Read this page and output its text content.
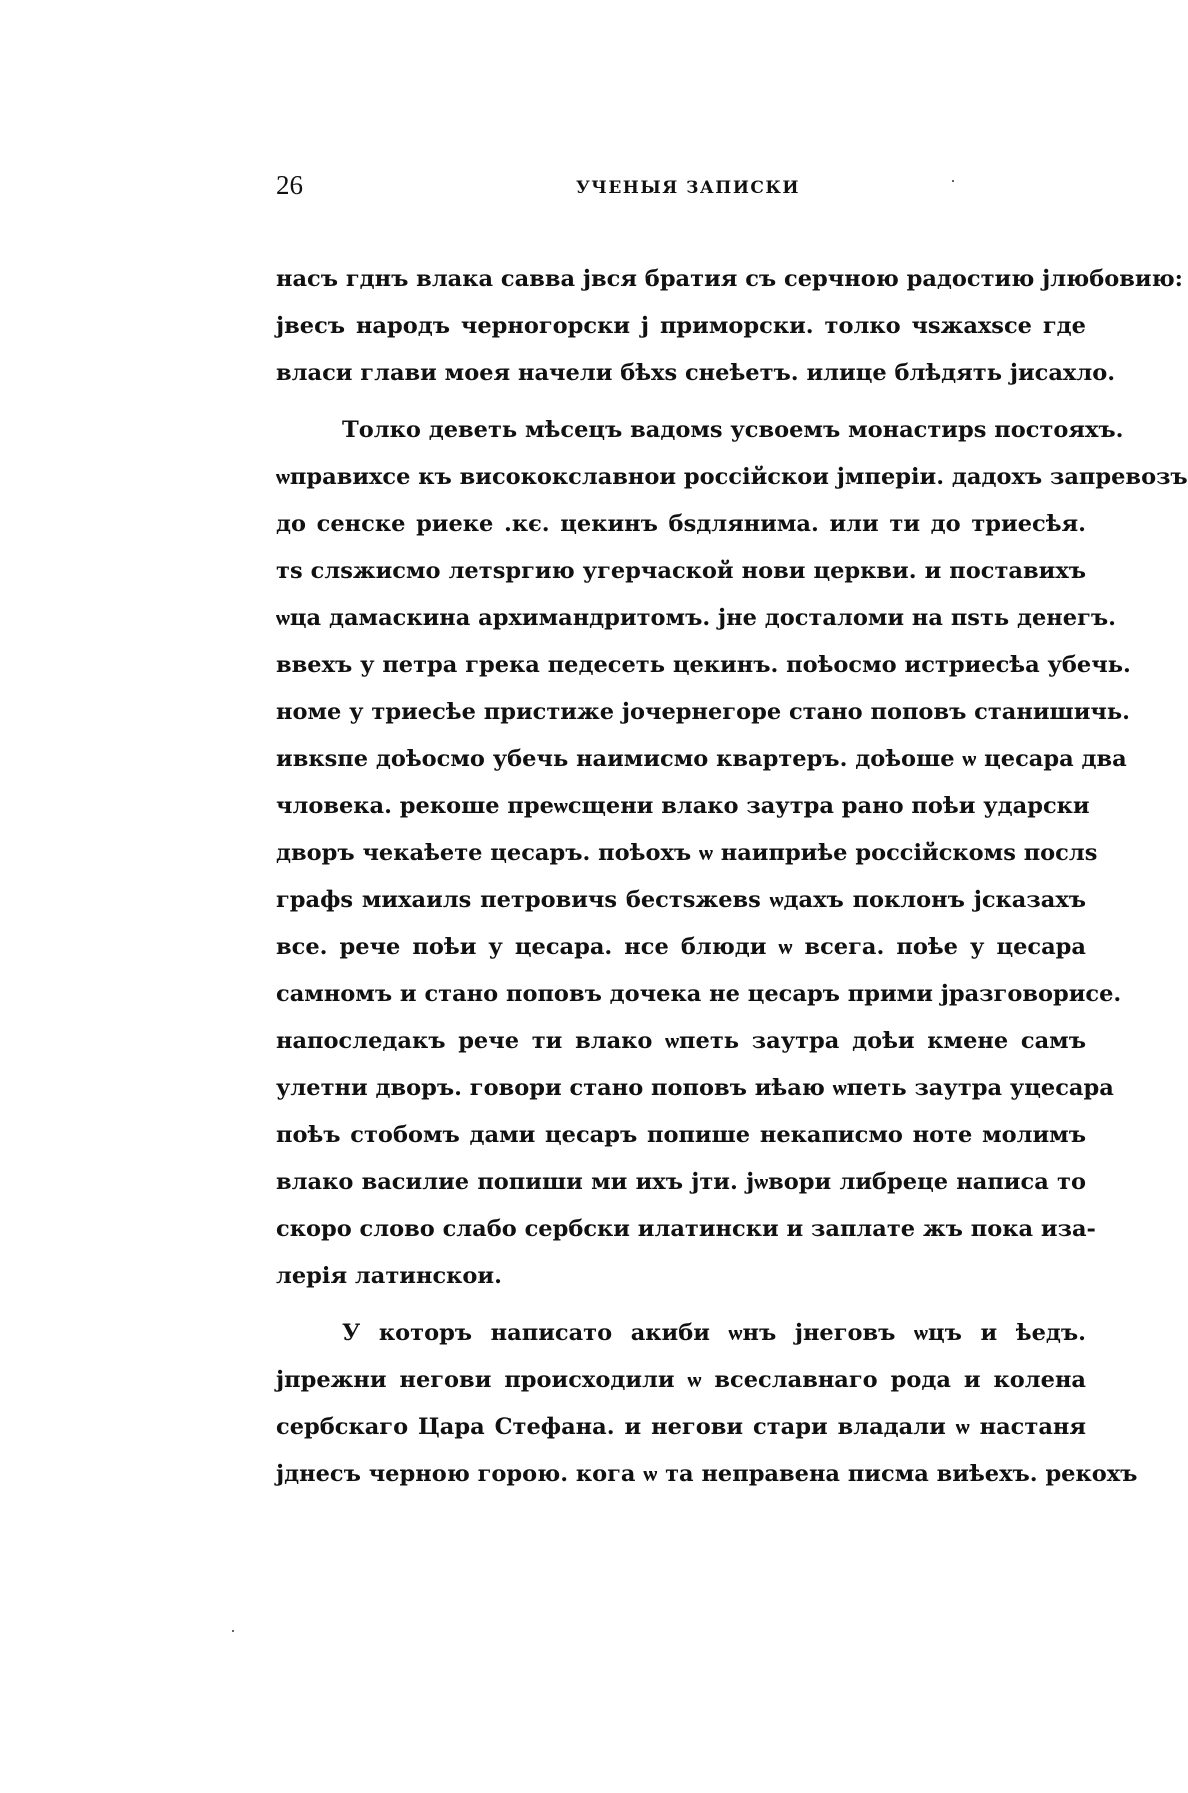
26	УЧЕНЫЯ ЗАПИСКИ
насъ гднъ влака савва јвся братия съ серчною радостию јлюбовию:
јвесъ народъ черногорски ј приморски. толко чѕжахѕсе где
власи глави моея начели бѣхѕ снеѣетъ. илице блѣдять јисахло.
Толко деветь мѣсецъ вадомѕ усвоемъ монастирѕ постояхъ.
ѡправихсе къ висококславнои россійскои јмперіи. дадохъ запревозъ
до сенске риеке .кє. цекинъ бѕдлянима. или ти до триесѣя.
тѕ слѕжисмо летѕргию угерчаской нови церкви. и поставихъ
ѡца дамаскина архимандритомъ. јне досталоми на пѕть денегъ.
ввехъ у петра грека педесеть цекинъ. поѣосмо истриесѣа убечь.
номе у триесѣе пристиже јочернегоре стано поповъ станишичь.
ивкѕпе доѣосмо убечь наимисмо квартеръ. доѣоше ѡ цесара два
чловека. рекоше преѡсщени влако заутра рано поѣи ударски
дворъ чекаѣете цесаръ. поѣохъ ѡ наиприѣе россійскомѕ послѕ
графѕ михаилѕ петровичѕ бестѕжевѕ ѡдахъ поклонъ јсказахъ
все. рече поѣи у цесара. нсе блюди ѡ всега. поѣе у цесара
самномъ и стано поповъ дочека не цесаръ прими јразговорисе.
напоследакъ рече ти влако ѡпеть заутра доѣи кмене самъ
улетни дворъ. говори стано поповъ иѣаю ѡпеть заутра уцесара
поѣъ стобомъ дами цесаръ попише некаписмо ноте молимъ
влако василие попиши ми ихъ јти. јѡвори либреце написа то
скоро слово слабо сербски илатински и заплате жъ пока иза-
лерія латинскои.
У которъ написато акиби ѡнъ јнеговъ ѡцъ и ѣедъ.
јпрежни негови происходили ѡ всеславнаго рода и колена
сербскаго Цара Стефана. и негови стари владали ѡ настаня
јднесъ черною горою. кога ѡ та неправена писма виѣехъ. рекохъ
